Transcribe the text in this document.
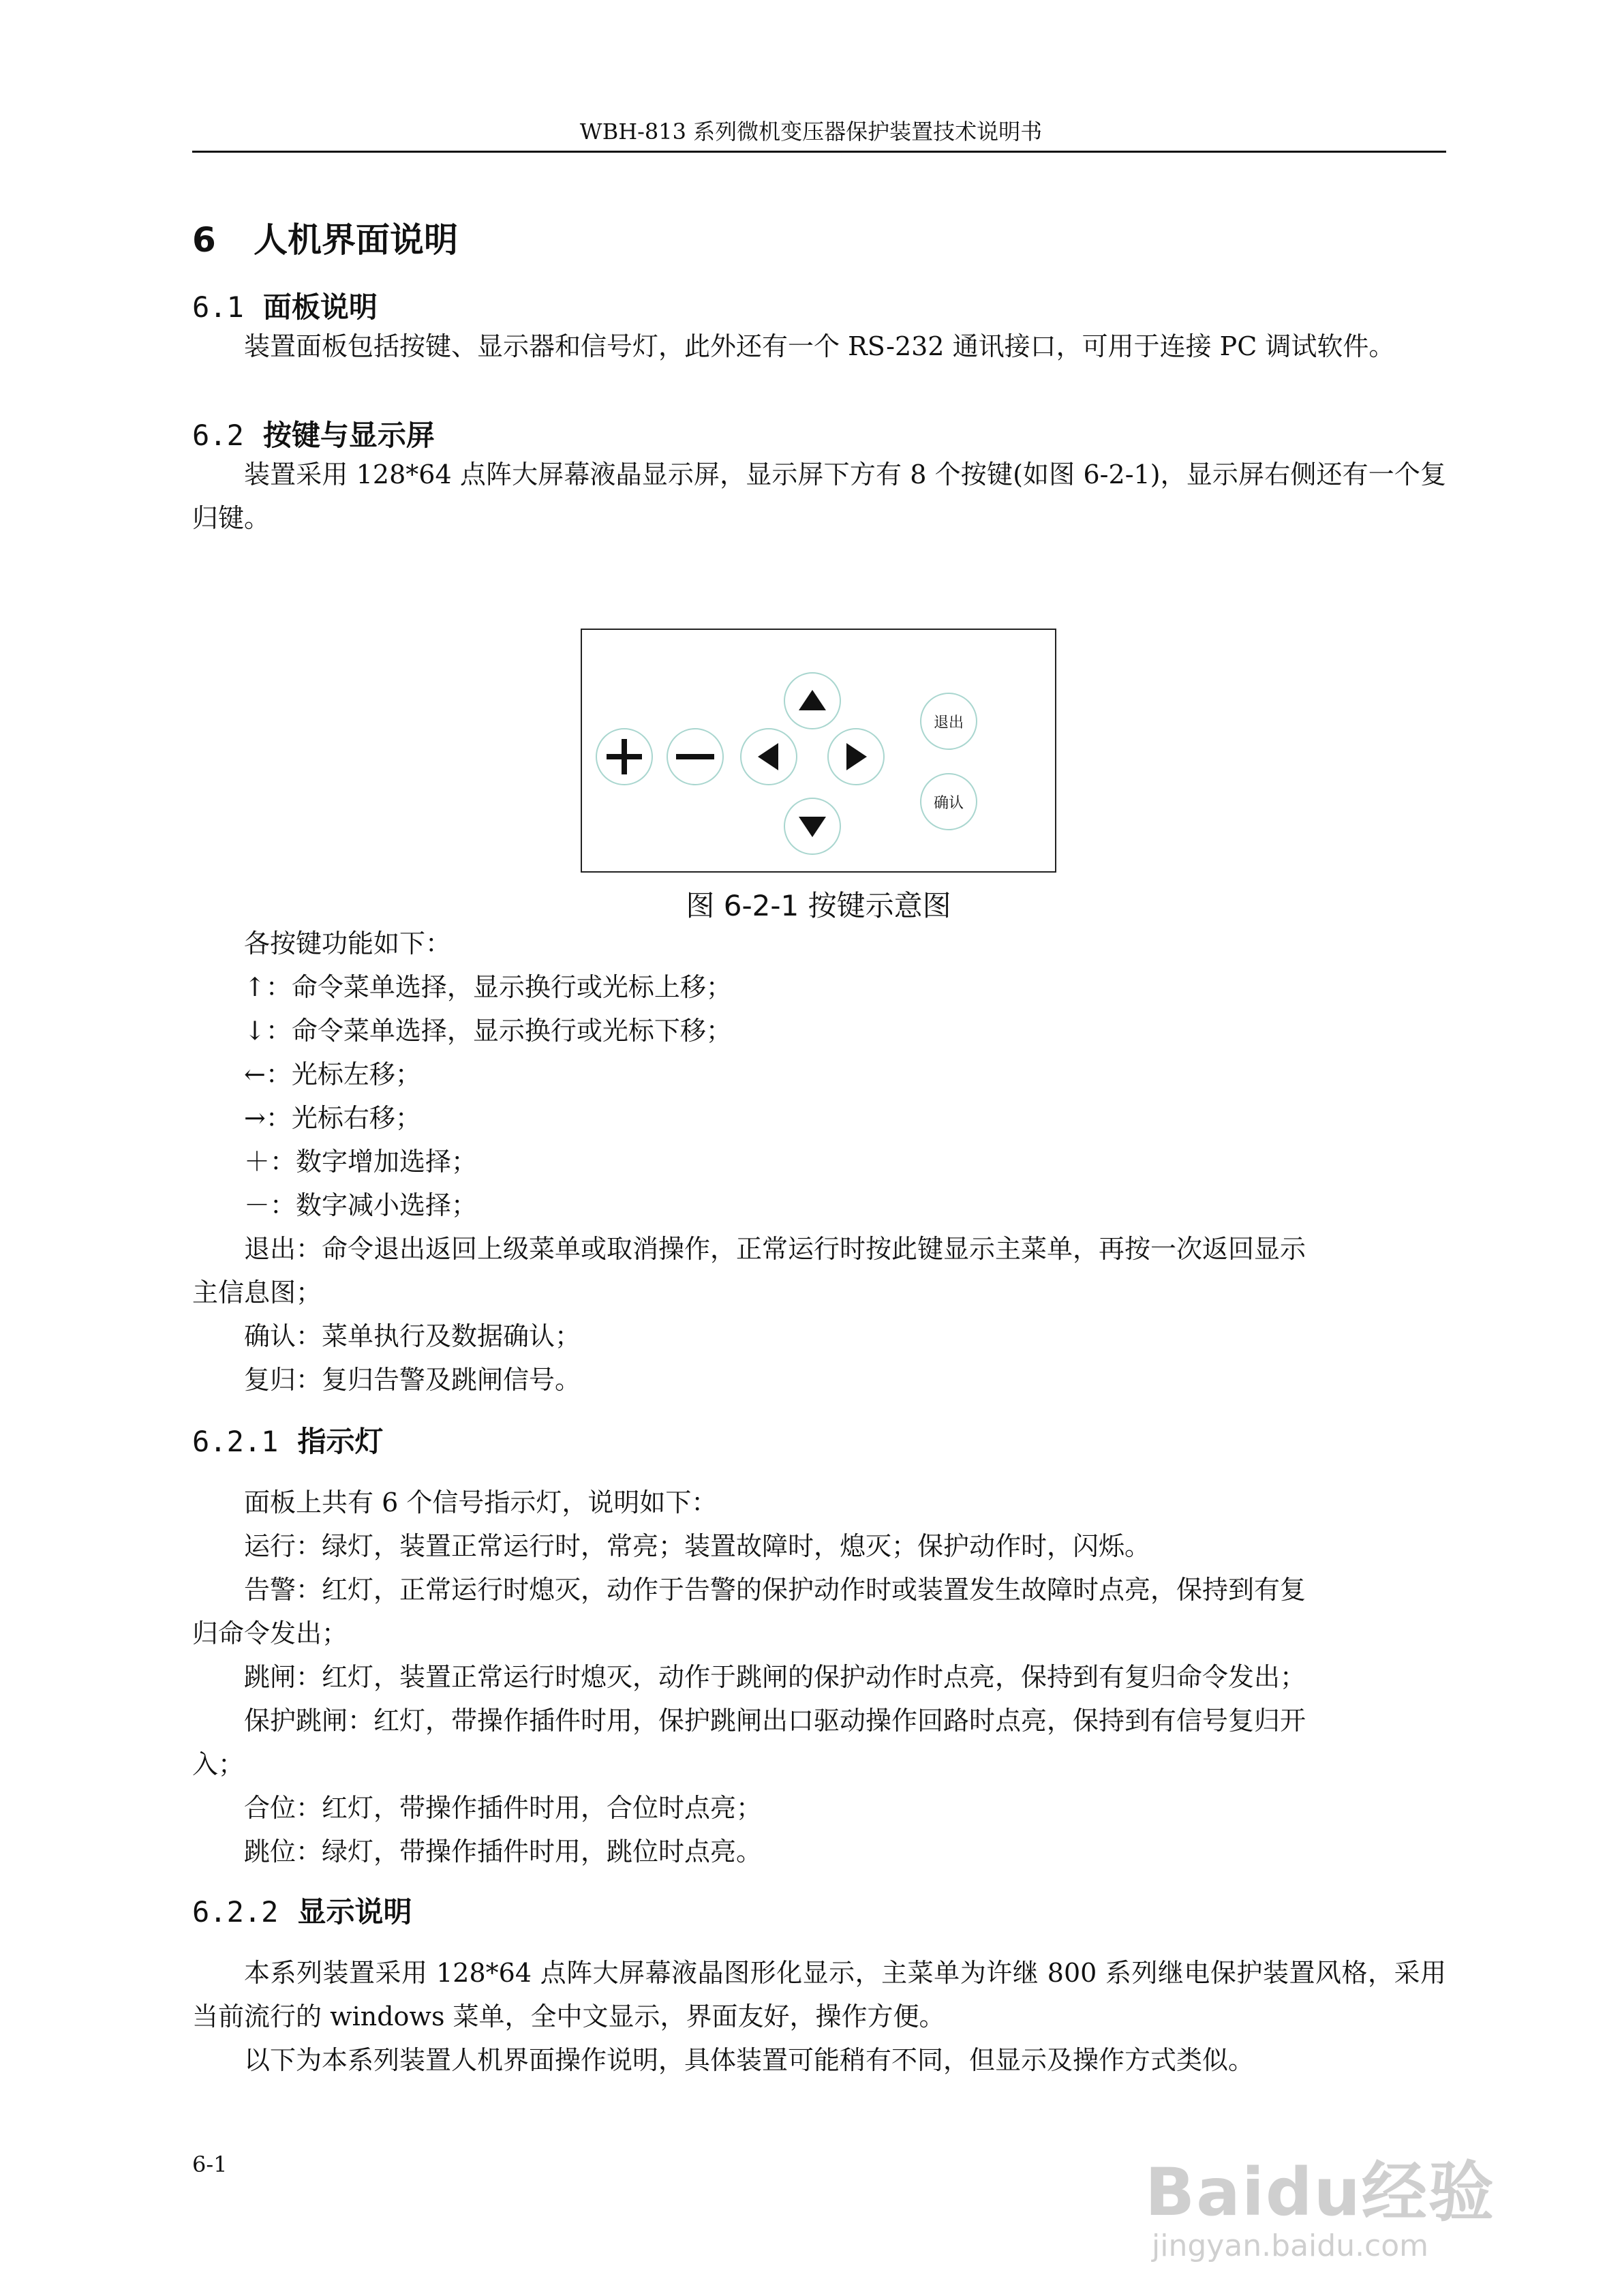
WBH-813 系列微机变压器保护装置技术说明书
6 人机界面说明
6.1 面板说明
装置面板包括按键、显示器和信号灯，此外还有一个 RS-232 通讯接口，可用于连接 PC 调试软件。
6.2 按键与显示屏
装置采用 128*64 点阵大屏幕液晶显示屏，显示屏下方有 8 个按键(如图 6-2-1)，显示屏右侧还有一个复归键。
退出
确认
图 6-2-1 按键示意图
各按键功能如下：
↑：命令菜单选择，显示换行或光标上移；
↓：命令菜单选择，显示换行或光标下移；
←：光标左移；
→：光标右移；
＋：数字增加选择；
－：数字减小选择；
退出：命令退出返回上级菜单或取消操作，正常运行时按此键显示主菜单，再按一次返回显示
主信息图；
确认：菜单执行及数据确认；
复归：复归告警及跳闸信号。
6.2.1 指示灯
面板上共有 6 个信号指示灯，说明如下：
运行：绿灯，装置正常运行时，常亮；装置故障时，熄灭；保护动作时，闪烁。
告警：红灯，正常运行时熄灭，动作于告警的保护动作时或装置发生故障时点亮，保持到有复
归命令发出；
跳闸：红灯，装置正常运行时熄灭，动作于跳闸的保护动作时点亮，保持到有复归命令发出；
保护跳闸：红灯，带操作插件时用，保护跳闸出口驱动操作回路时点亮，保持到有信号复归开
入；
合位：红灯，带操作插件时用，合位时点亮；
跳位：绿灯，带操作插件时用，跳位时点亮。
6.2.2 显示说明
本系列装置采用 128*64 点阵大屏幕液晶图形化显示，主菜单为许继 800 系列继电保护装置风格，采用当前流行的 windows 菜单，全中文显示，界面友好，操作方便。
以下为本系列装置人机界面操作说明，具体装置可能稍有不同，但显示及操作方式类似。
6-1	Baidu经验
jingyan.baidu.com
